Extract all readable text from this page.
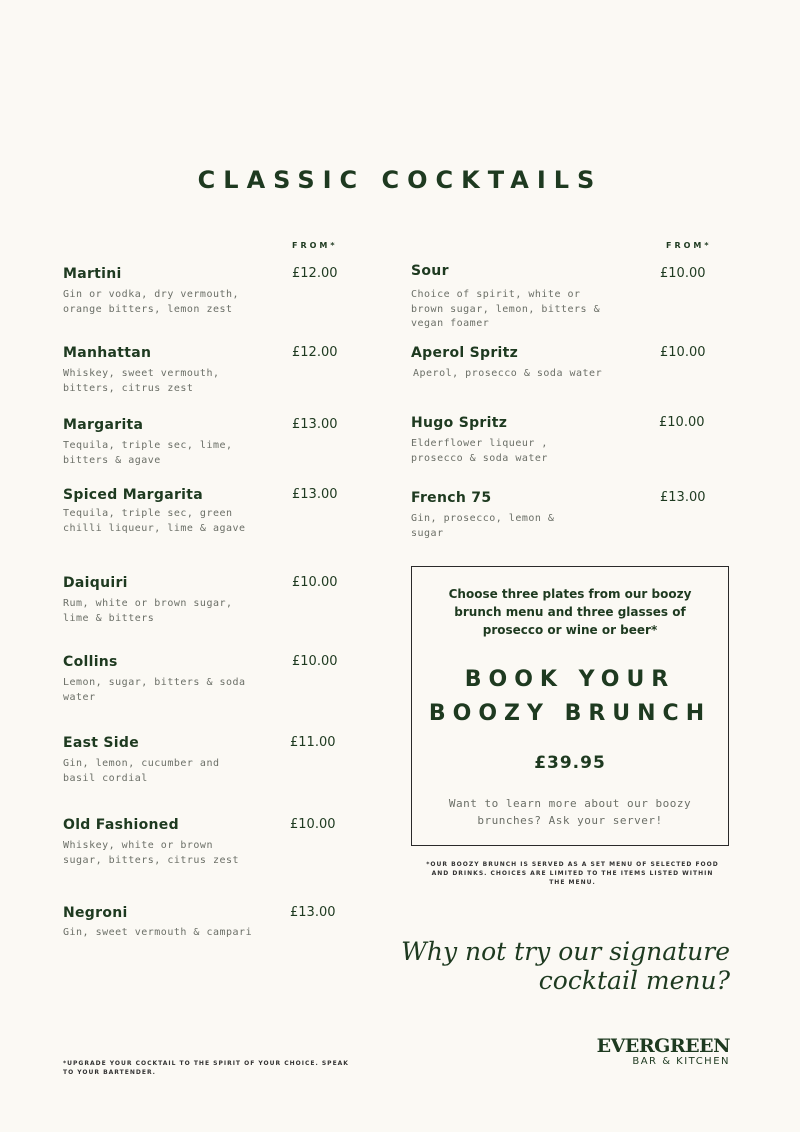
CLASSIC COCKTAILS
FROM*	FROM*
Martini	£12.00
Gin or vodka, dry vermouth, orange bitters, lemon zest
Manhattan	£12.00
Whiskey, sweet vermouth, bitters, citrus zest
Margarita	£13.00
Tequila, triple sec, lime, bitters & agave
Spiced Margarita	£13.00
Tequila, triple sec, green chilli liqueur, lime & agave
Daiquiri	£10.00
Rum, white or brown sugar, lime & bitters
Collins	£10.00
Lemon, sugar, bitters & soda water
East Side	£11.00
Gin, lemon, cucumber and basil cordial
Old Fashioned	£10.00
Whiskey, white or brown sugar, bitters, citrus zest
Negroni	£13.00
Gin, sweet vermouth & campari
Sour	£10.00
Choice of spirit, white or brown sugar, lemon, bitters & vegan foamer
Aperol Spritz	£10.00
Aperol, prosecco & soda water
Hugo Spritz	£10.00
Elderflower liqueur , prosecco & soda water
French 75	£13.00
Gin, prosecco, lemon & sugar
Choose three plates from our boozy brunch menu and three glasses of prosecco or wine or beer*
BOOK YOUR
BOOZY BRUNCH
£39.95
Want to learn more about our boozy brunches? Ask your server!
*OUR BOOZY BRUNCH IS SERVED AS A SET MENU OF SELECTED FOOD AND DRINKS. CHOICES ARE LIMITED TO THE ITEMS LISTED WITHIN THE MENU.
Why not try our signature
cocktail menu?
*UPGRADE YOUR COCKTAIL TO THE SPIRIT OF YOUR CHOICE. SPEAK TO YOUR BARTENDER.
EVERGREEN
BAR & KITCHEN
